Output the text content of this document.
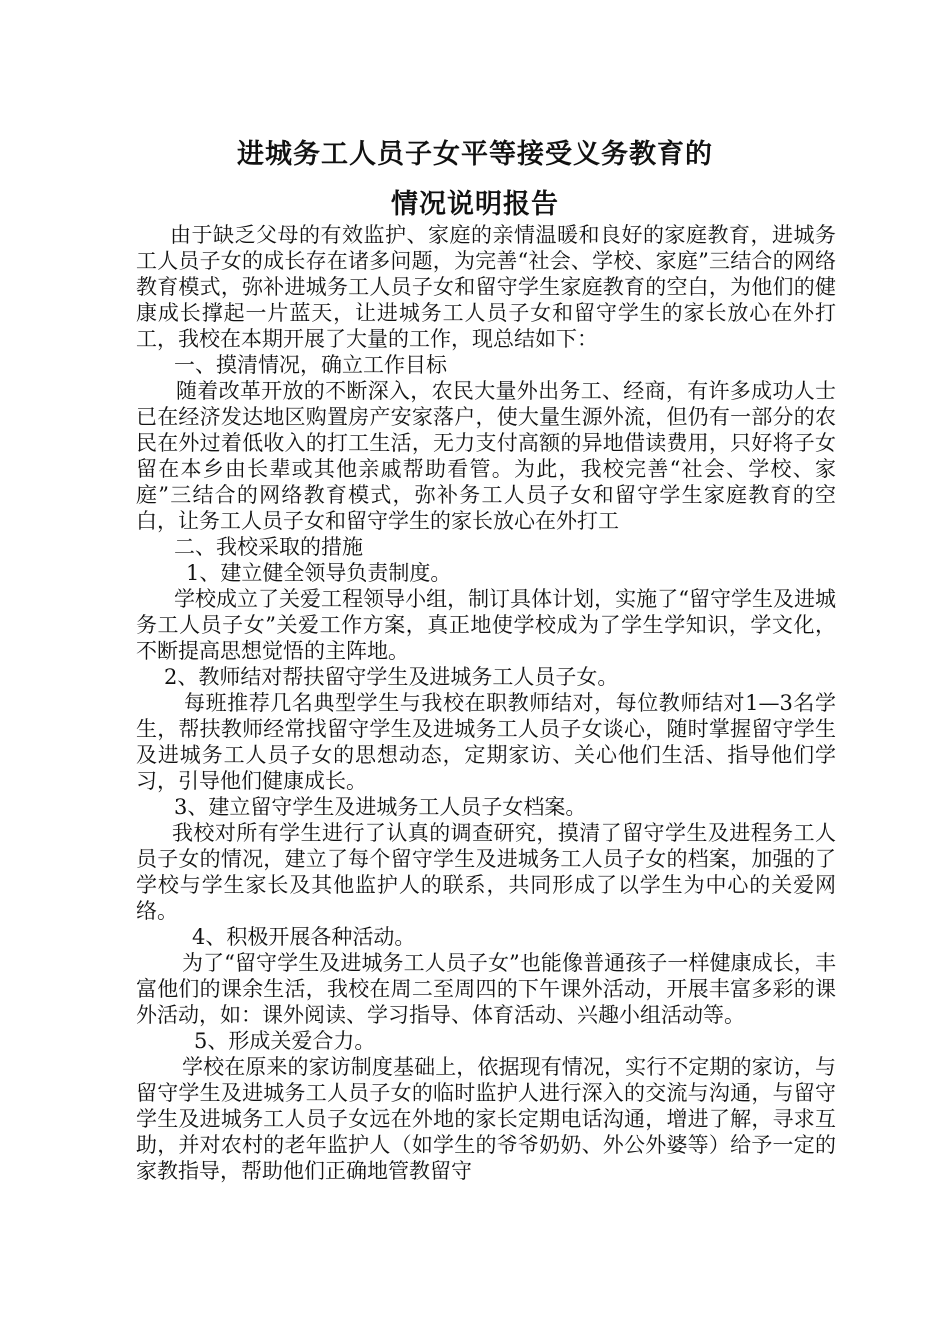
进城务工人员子女平等接受义务教育的
情况说明报告

由于缺乏父母的有效监护、家庭的亲情温暖和良好的家庭教育，进城务工人员子女的成长存在诸多问题，为完善“社会、学校、家庭”三结合的网络教育模式，弥补进城务工人员子女和留守学生家庭教育的空白，为他们的健康成长撑起一片蓝天，让进城务工人员子女和留守学生的家长放心在外打工，我校在本期开展了大量的工作，现总结如下：

一、摸清情况，确立工作目标

随着改革开放的不断深入，农民大量外出务工、经商，有许多成功人士已在经济发达地区购置房产安家落户，使大量生源外流，但仍有一部分的农民在外过着低收入的打工生活，无力支付高额的异地借读费用，只好将子女留在本乡由长辈或其他亲戚帮助看管。为此，我校完善“社会、学校、家庭”三结合的网络教育模式，弥补务工人员子女和留守学生家庭教育的空白，让务工人员子女和留守学生的家长放心在外打工

二、我校采取的措施

1、建立健全领导负责制度。

学校成立了关爱工程领导小组，制订具体计划，实施了“留守学生及进城务工人员子女”关爱工作方案，真正地使学校成为了学生学知识，学文化，不断提高思想觉悟的主阵地。

2、教师结对帮扶留守学生及进城务工人员子女。

每班推荐几名典型学生与我校在职教师结对，每位教师结对1—3名学生，帮扶教师经常找留守学生及进城务工人员子女谈心，随时掌握留守学生及进城务工人员子女的思想动态，定期家访、关心他们生活、指导他们学习，引导他们健康成长。

3、建立留守学生及进城务工人员子女档案。

我校对所有学生进行了认真的调查研究，摸清了留守学生及进程务工人员子女的情况，建立了每个留守学生及进城务工人员子女的档案，加强的了学校与学生家长及其他监护人的联系，共同形成了以学生为中心的关爱网络。

4、积极开展各种活动。

为了“留守学生及进城务工人员子女”也能像普通孩子一样健康成长，丰富他们的课余生活，我校在周二至周四的下午课外活动，开展丰富多彩的课外活动，如：课外阅读、学习指导、体育活动、兴趣小组活动等。

5、形成关爱合力。

学校在原来的家访制度基础上，依据现有情况，实行不定期的家访，与留守学生及进城务工人员子女的临时监护人进行深入的交流与沟通，与留守学生及进城务工人员子女远在外地的家长定期电话沟通，增进了解，寻求互助，并对农村的老年监护人（如学生的爷爷奶奶、外公外婆等）给予一定的家教指导，帮助他们正确地管教留守
